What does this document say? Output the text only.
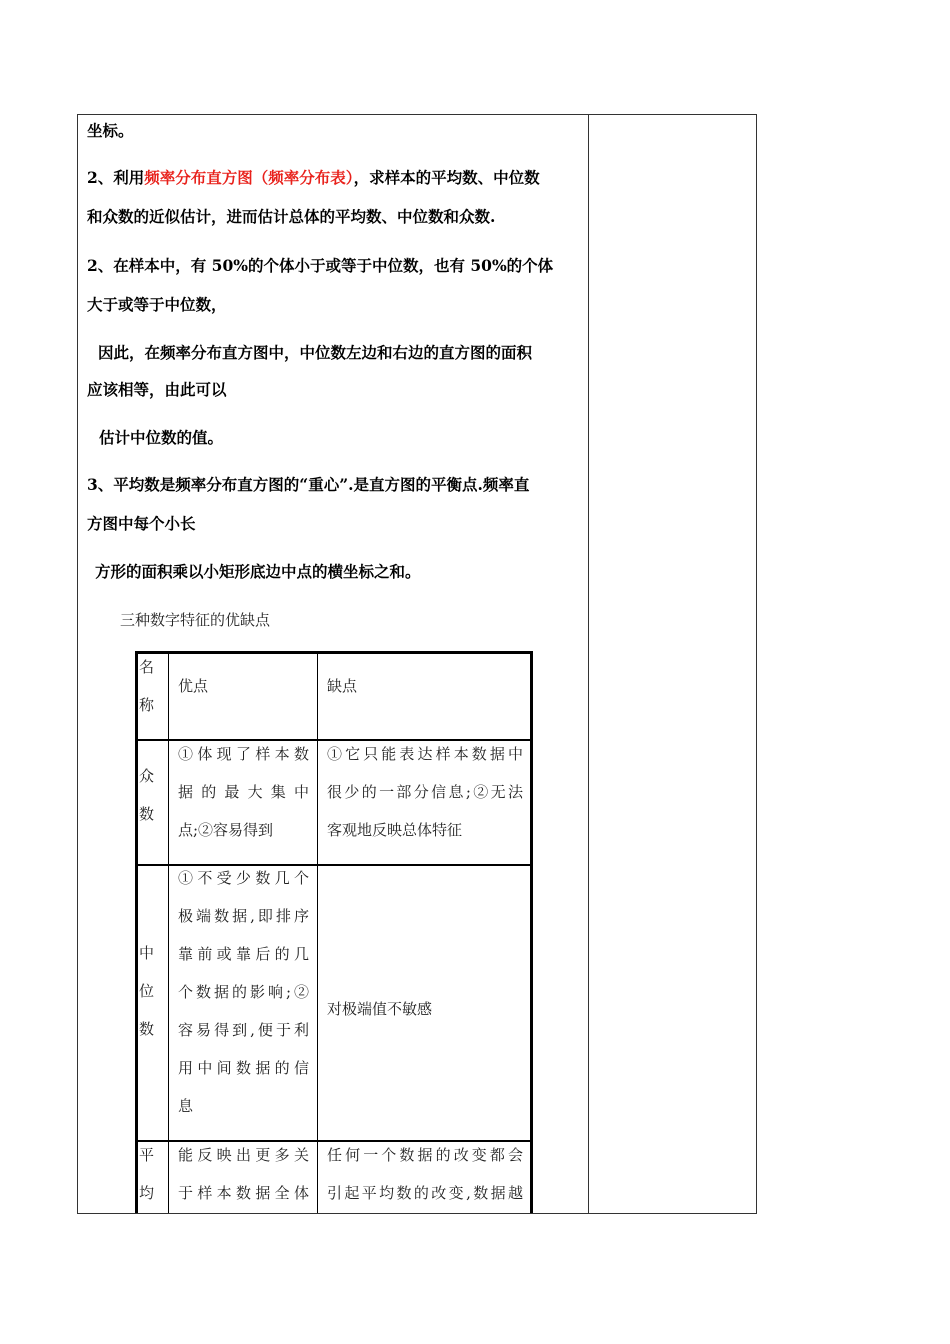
坐标。
2、利用频率分布直方图（频率分布表），求样本的平均数、中位数
和众数的近似估计，进而估计总体的平均数、中位数和众数.
2、在样本中，有 50%的个体小于或等于中位数，也有 50%的个体
大于或等于中位数，
因此，在频率分布直方图中，中位数左边和右边的直方图的面积
应该相等，由此可以
估计中位数的值。
3、平均数是频率分布直方图的“重心”.是直方图的平衡点.频率直
方图中每个小长
方形的面积乘以小矩形底边中点的横坐标之和。
三种数字特征的优缺点
名
称
优点	缺点
众
数
①体现了样本数
据的最大集中
点;②容易得到
①它只能表达样本数据中
很少的一部分信息;②无法
客观地反映总体特征
中
位
数
①不受少数几个
极端数据,即排序
靠前或靠后的几
个数据的影响;②
容易得到,便于利
用中间数据的信
息
对极端值不敏感
平
均
能反映出更多关
于样本数据全体
任何一个数据的改变都会
引起平均数的改变,数据越
